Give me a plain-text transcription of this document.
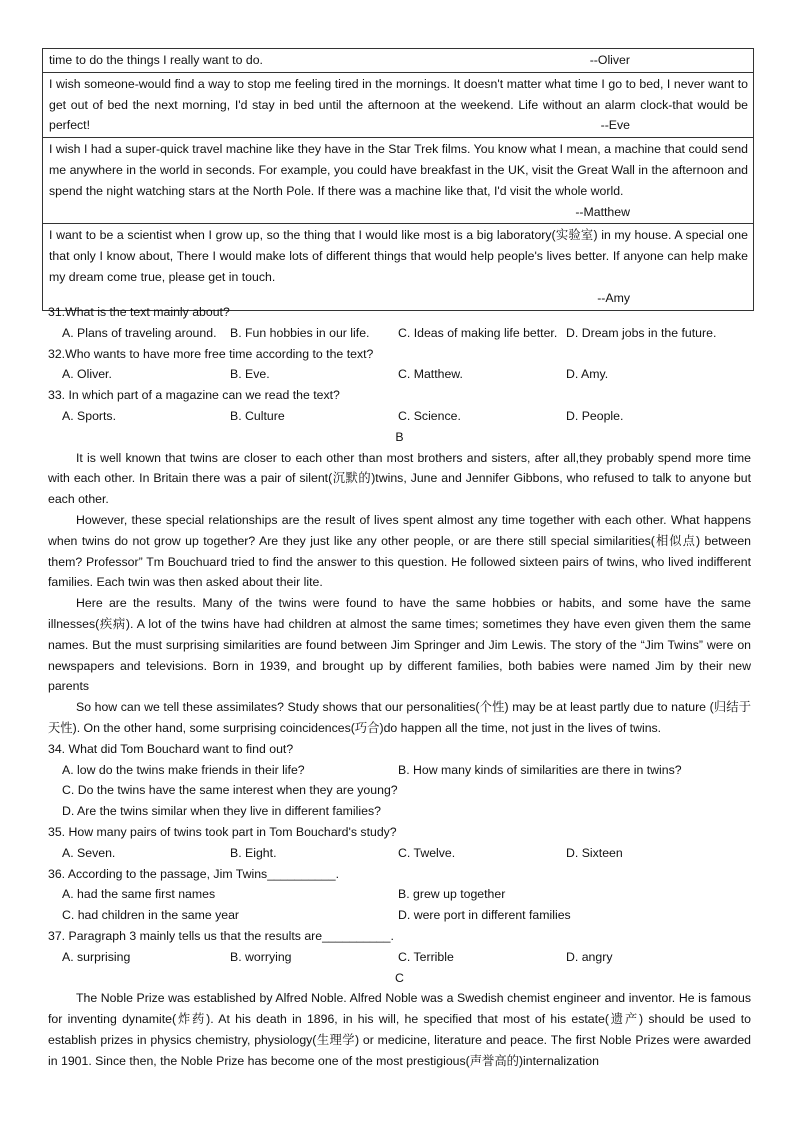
time to do the things I really want to do.	--Oliver

I wish someone-would find a way to stop me feeling tired in the mornings. It doesn't matter what time I go to bed, I never want to get out of bed the next morning, I'd stay in bed until the afternoon at the weekend. Life without an alarm clock-that would be perfect!	--Eve

I wish I had a super-quick travel machine like they have in the Star Trek films. You know what I mean, a machine that could send me anywhere in the world in seconds. For example, you could have breakfast in the UK, visit the Great Wall in the afternoon and spend the night watching stars at the North Pole. If there was a machine like that, I'd visit the whole world.
--Matthew

I want to be a scientist when I grow up, so the thing that I would like most is a big laboratory(实验室) in my house. A special one that only I know about, There I would make lots of different things that would help people's lives better. If anyone can help make my dream come true, please get in touch.
--Amy
31.What is the text mainly about?
A. Plans of traveling around.	B. Fun hobbies in our life.	C. Ideas of making life better. D. Dream jobs in the future.
32.Who wants to have more free time according to the text?
A. Oliver.	B. Eve.	C. Matthew.	D. Amy.
33. In which part of a magazine can we read the text?
A. Sports.	B. Culture	C. Science.	D. People.
B

It is well known that twins are closer to each other than most brothers and sisters, after all,they probably spend more time with each other. In Britain there was a pair of silent(沉默的)twins, June and Jennifer Gibbons, who refused to talk to anyone but each other.

However, these special relationships are the result of lives spent almost any time together with each other. What happens when twins do not grow up together? Are they just like any other people, or are there still special similarities(相似点) between them? Professor” Tm Bouchuard tried to find the answer to this question. He followed sixteen pairs of twins, who lived indifferent families. Each twin was then asked about their lite.

Here are the results. Many of the twins were found to have the same hobbies or habits, and some have the same illnesses(疾病). A lot of the twins have had children at almost the same times; sometimes they have even given them the same names. But the must surprising similarities are found between Jim Springer and Jim Lewis. The story of the “Jim Twins” were on newspapers and televisions. Born in 1939, and brought up by different families, both babies were named Jim by their new parents

So how can we tell these assimilates? Study shows that our personalities(个性) may be at least partly due to nature (归结于天性). On the other hand, some surprising coincidences(巧合)do happen all the time, not just in the lives of twins.

34. What did Tom Bouchard want to find out?
A. low do the twins make friends in their life?	B. How many kinds of similarities are there in twins?
C. Do the twins have the same interest when they are young?
D. Are the twins similar when they live in different families?
35. How many pairs of twins took part in Tom Bouchard's study?
A. Seven.	B. Eight.	C. Twelve.	D. Sixteen
36. According to the passage, Jim Twins__________.
A. had the same first names	B. grew up together
C. had children in the same year	D. were port in different families
37. Paragraph 3 mainly tells us that the results are__________.
A. surprising	B. worrying	C. Terrible	D. angry
C

The Noble Prize was established by Alfred Noble. Alfred Noble was a Swedish chemist engineer and inventor. He is famous for inventing dynamite(炸药). At his death in 1896, in his will, he specified that most of his estate(遗产) should be used to establish prizes in physics chemistry, physiology(生理学) or medicine, literature and peace. The first Noble Prizes were awarded in 1901. Since then, the Noble Prize has become one of the most prestigious(声誉高的)internalization
